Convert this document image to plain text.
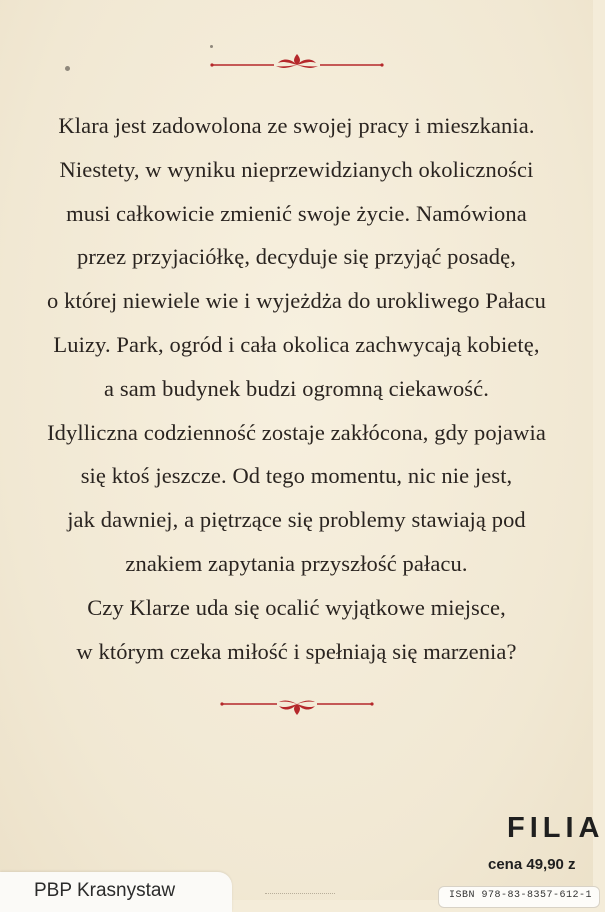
Klara jest zadowolona ze swojej pracy i mieszkania.
Niestety, w wyniku nieprzewidzianych okoliczności
musi całkowicie zmienić swoje życie. Namówiona
przez przyjaciółkę, decyduje się przyjąć posadę,
o której niewiele wie i wyjeżdża do urokliwego Pałacu
Luizy. Park, ogród i cała okolica zachwycają kobietę,
a sam budynek budzi ogromną ciekawość.
Idylliczna codzienność zostaje zakłócona, gdy pojawia
się ktoś jeszcze. Od tego momentu, nic nie jest,
jak dawniej, a piętrzące się problemy stawiają pod
znakiem zapytania przyszłość pałacu.
Czy Klarze uda się ocalić wyjątkowe miejsce,
w którym czeka miłość i spełniają się marzenia?
FILIA
cena 49,90 z
PBP Krasnystaw	ISBN 978-83-8357-612-1
